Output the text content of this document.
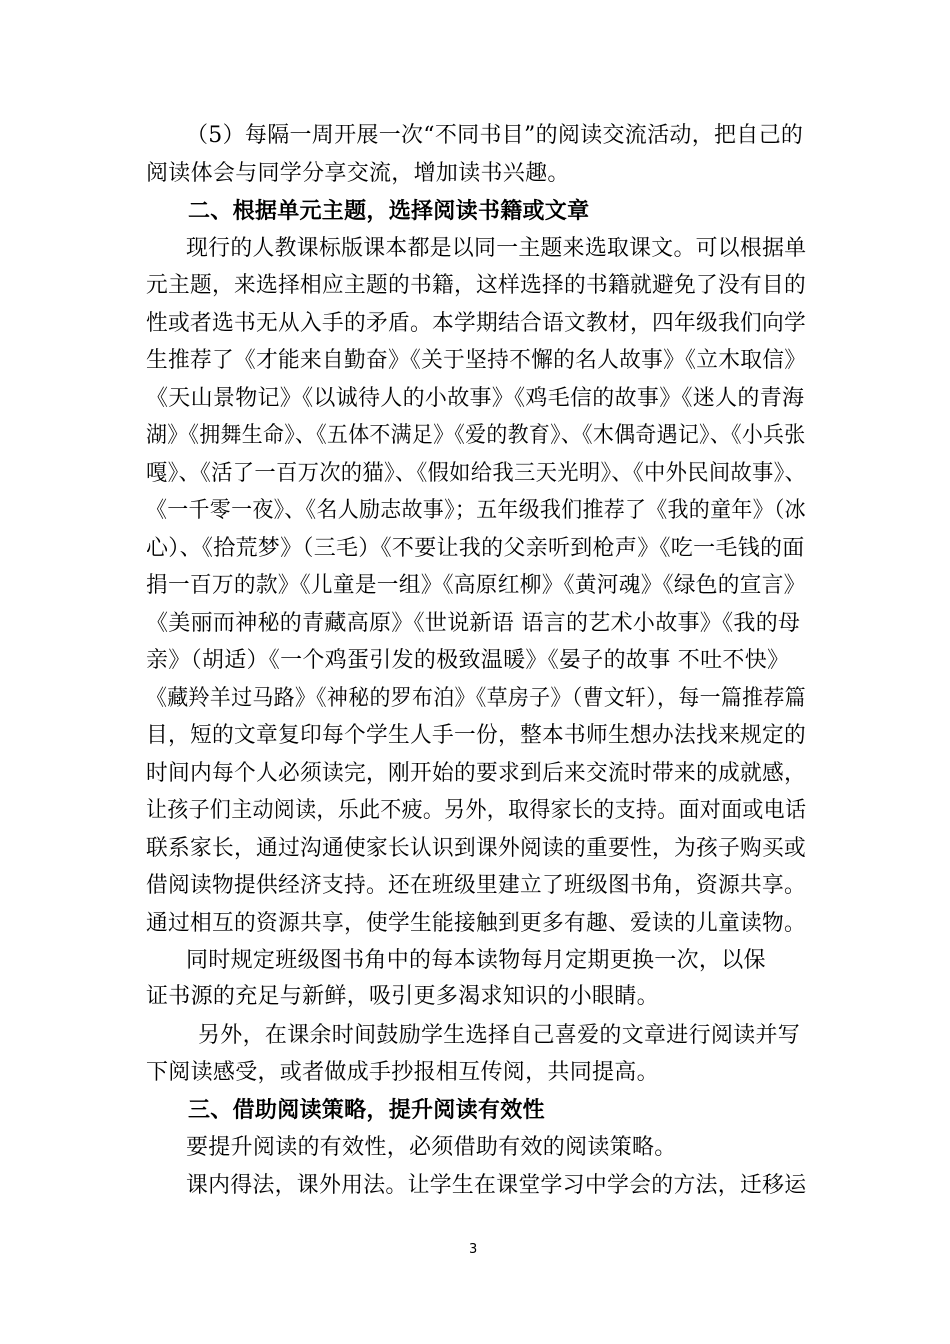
（5）每隔一周开展一次“不同书目”的阅读交流活动，把自己的
阅读体会与同学分享交流，增加读书兴趣。
二、根据单元主题，选择阅读书籍或文章
现行的人教课标版课本都是以同一主题来选取课文。可以根据单
元主题，来选择相应主题的书籍，这样选择的书籍就避免了没有目的
性或者选书无从入手的矛盾。本学期结合语文教材，四年级我们向学
生推荐了《才能来自勤奋》《关于坚持不懈的名人故事》《立木取信》
《天山景物记》《以诚待人的小故事》《鸡毛信的故事》《迷人的青海
湖》《拥舞生命》、《五体不满足》《爱的教育》、《木偶奇遇记》、《小兵张
嘎》、《活了一百万次的猫》、《假如给我三天光明》、《中外民间故事》、
《一千零一夜》、《名人励志故事》；五年级我们推荐了《我的童年》（冰
心）、《拾荒梦》（三毛）《不要让我的父亲听到枪声》《吃一毛钱的面
捐一百万的款》《儿童是一组》《高原红柳》《黄河魂》《绿色的宣言》
《美丽而神秘的青藏高原》《世说新语 语言的艺术小故事》《我的母
亲》（胡适）《一个鸡蛋引发的极致温暖》《晏子的故事 不吐不快》
《藏羚羊过马路》《神秘的罗布泊》《草房子》（曹文轩），每一篇推荐篇
目，短的文章复印每个学生人手一份，整本书师生想办法找来规定的
时间内每个人必须读完，刚开始的要求到后来交流时带来的成就感，
让孩子们主动阅读，乐此不疲。另外，取得家长的支持。面对面或电话
联系家长，通过沟通使家长认识到课外阅读的重要性，为孩子购买或
借阅读物提供经济支持。还在班级里建立了班级图书角，资源共享。
通过相互的资源共享，使学生能接触到更多有趣、爱读的儿童读物。
同时规定班级图书角中的每本读物每月定期更换一次，以保
证书源的充足与新鲜，吸引更多渴求知识的小眼睛。
另外，在课余时间鼓励学生选择自己喜爱的文章进行阅读并写
下阅读感受，或者做成手抄报相互传阅，共同提高。
三、借助阅读策略，提升阅读有效性
要提升阅读的有效性，必须借助有效的阅读策略。
课内得法，课外用法。让学生在课堂学习中学会的方法，迁移运
3
